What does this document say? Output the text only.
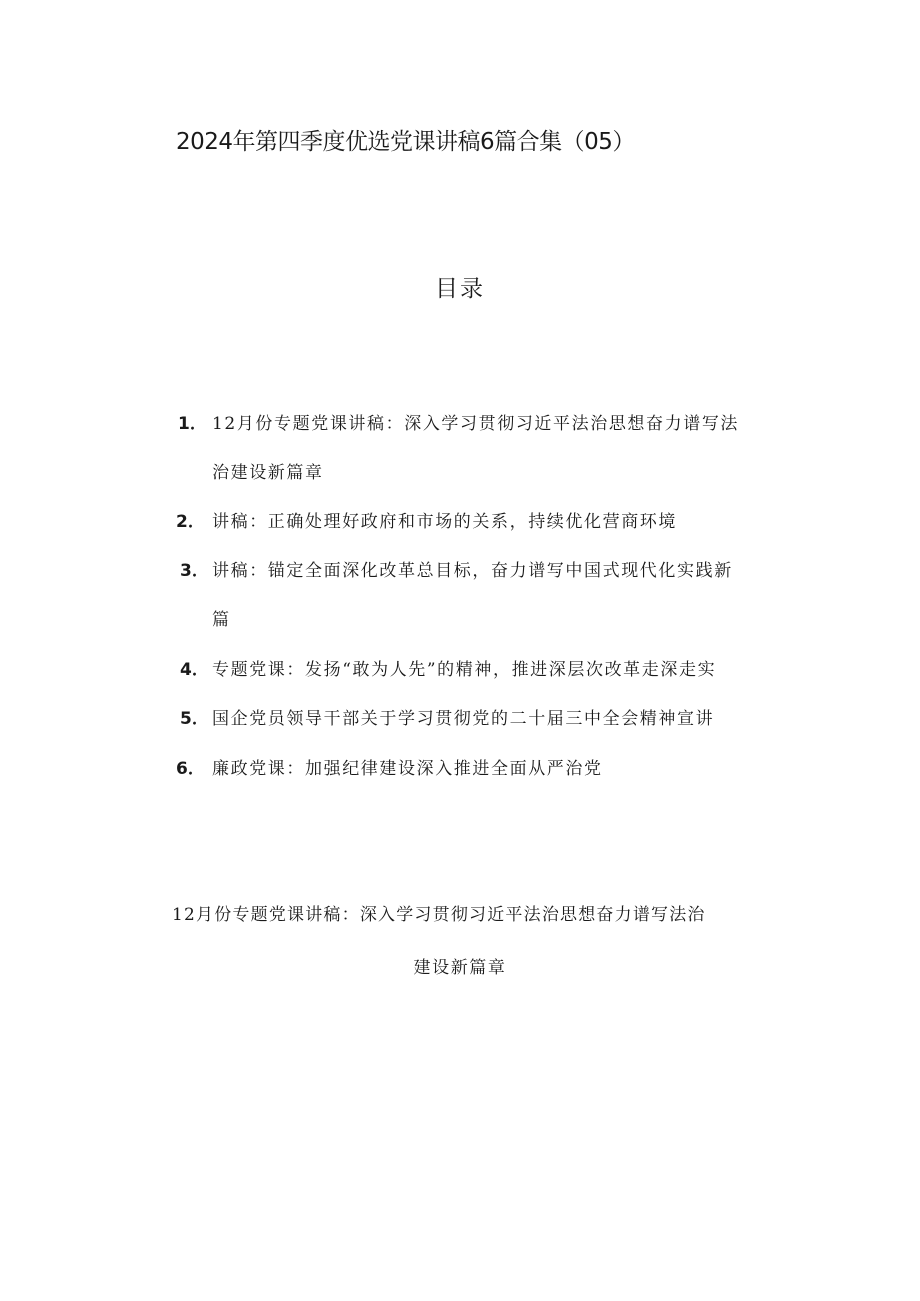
2024年第四季度优选党课讲稿6篇合集（05）
目录
1． 12月份专题党课讲稿：深入学习贯彻习近平法治思想奋力谱写法
治建设新篇章
2． 讲稿：正确处理好政府和市场的关系，持续优化营商环境
3． 讲稿：锚定全面深化改革总目标，奋力谱写中国式现代化实践新
篇
4． 专题党课：发扬“敢为人先”的精神，推进深层次改革走深走实
5． 国企党员领导干部关于学习贯彻党的二十届三中全会精神宣讲
6． 廉政党课：加强纪律建设深入推进全面从严治党
12月份专题党课讲稿：深入学习贯彻习近平法治思想奋力谱写法治
建设新篇章
